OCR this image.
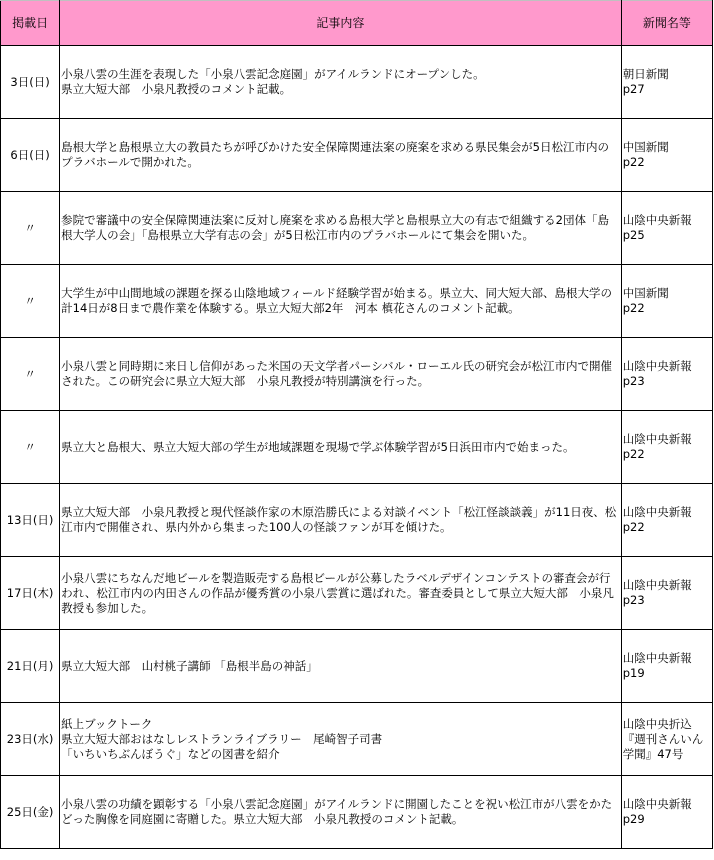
掲載日	記事内容	新聞名等
3日(日)	小泉八雲の生涯を表現した「小泉八雲記念庭園」がアイルランドにオープンした。
県立大短大部　小泉凡教授のコメント記載。	朝日新聞
p27

6日(日)	島根大学と島根県立大の教員たちが呼びかけた安全保障関連法案の廃案を求める県民集会が5日松江市内のプラバホールで開かれた。	中国新聞
p22

〃	参院で審議中の安全保障関連法案に反対し廃案を求める島根大学と島根県立大の有志で組織する2団体「島根大学人の会」「島根県立大学有志の会」が5日松江市内のプラバホールにて集会を開いた。	山陰中央新報
p25

〃	大学生が中山間地域の課題を探る山陰地域フィールド経験学習が始まる。県立大、同大短大部、島根大学の計14日が8日まで農作業を体験する。県立大短大部2年　河本 槙花さんのコメント記載。	中国新聞
p22

〃	小泉八雲と同時期に来日し信仰があった米国の天文学者パーシバル・ローエル氏の研究会が松江市内で開催された。この研究会に県立大短大部　小泉凡教授が特別講演を行った。	山陰中央新報
p23

〃	県立大と島根大、県立大短大部の学生が地域課題を現場で学ぶ体験学習が5日浜田市内で始まった。	山陰中央新報
p22

13日(日)	県立大短大部　小泉凡教授と現代怪談作家の木原浩勝氏による対談イベント「松江怪談談義」が11日夜、松江市内で開催され、県内外から集まった100人の怪談ファンが耳を傾けた。	山陰中央新報
p22

17日(木)	小泉八雲にちなんだ地ビールを製造販売する島根ビールが公募したラベルデザインコンテストの審査会が行われ、松江市内の内田さんの作品が優秀賞の小泉八雲賞に選ばれた。審査委員として県立大短大部　小泉凡教授も参加した。	山陰中央新報
p23

21日(月)	県立大短大部　山村桃子講師 「島根半島の神話」	山陰中央新報
p19

23日(水)	紙上ブックトーク
県立大短大部おはなしレストランライブラリー　尾崎智子司書
「いちいちぶんぼうぐ」などの図書を紹介	山陰中央折込『週刊さんいん学聞』47号

25日(金)	小泉八雲の功績を顕彰する「小泉八雲記念庭園」がアイルランドに開園したことを祝い松江市が八雲をかたどった胸像を同庭園に寄贈した。県立大短大部　小泉凡教授のコメント記載。	山陰中央新報
p29
